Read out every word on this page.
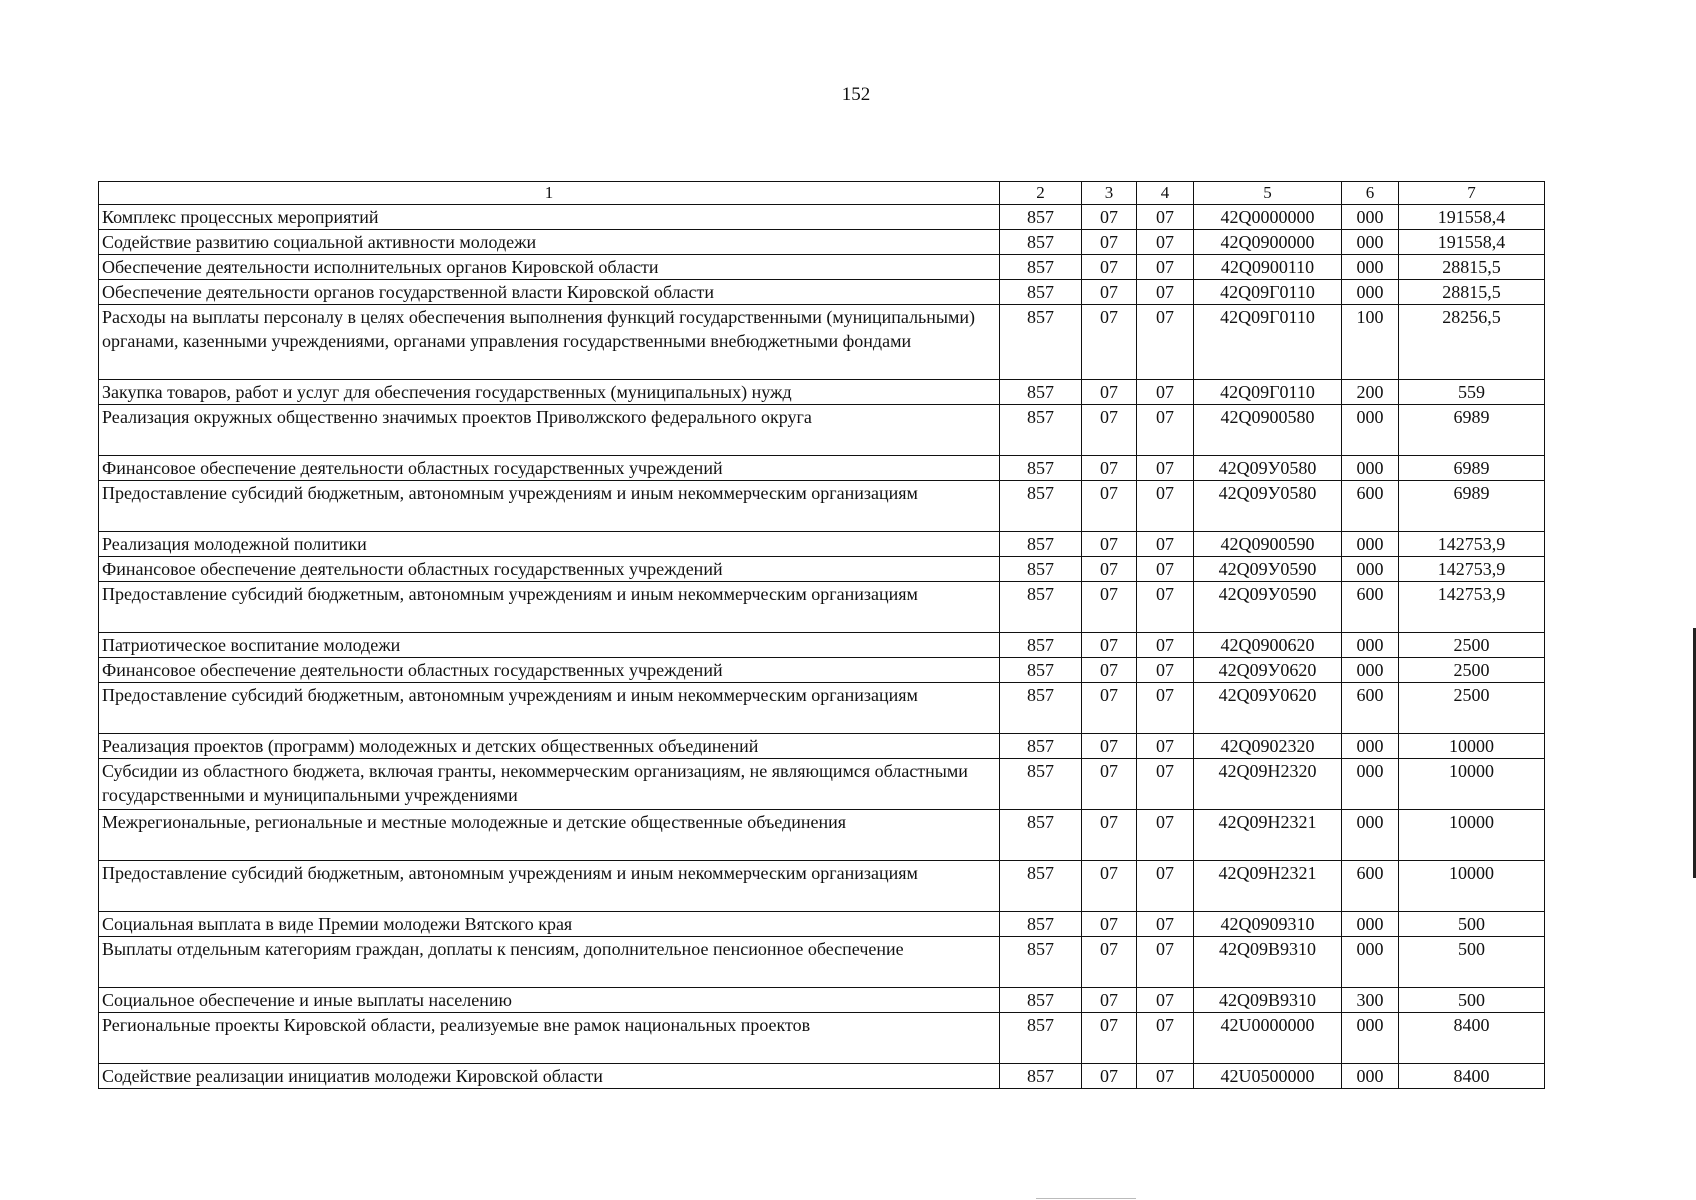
152
1	2	3	4	5	6	7
Комплекс процессных мероприятий	857	07	07	42Q0000000	000	191558,4
Содействие развитию социальной активности молодежи	857	07	07	42Q0900000	000	191558,4
Обеспечение деятельности исполнительных органов Кировской области	857	07	07	42Q0900110	000	28815,5
Обеспечение деятельности органов государственной власти Кировской области	857	07	07	42Q09Г0110	000	28815,5
Расходы на выплаты персоналу в целях обеспечения выполнения функций государственными (муниципальными) органами, казенными учреждениями, органами управления государственными внебюджетными фондами	857	07	07	42Q09Г0110	100	28256,5
Закупка товаров, работ и услуг для обеспечения государственных (муниципальных) нужд	857	07	07	42Q09Г0110	200	559
Реализация окружных общественно значимых проектов Приволжского федерального округа	857	07	07	42Q0900580	000	6989
Финансовое обеспечение деятельности областных государственных учреждений	857	07	07	42Q09У0580	000	6989
Предоставление субсидий бюджетным, автономным учреждениям и иным некоммерческим организациям	857	07	07	42Q09У0580	600	6989
Реализация молодежной политики	857	07	07	42Q0900590	000	142753,9
Финансовое обеспечение деятельности областных государственных учреждений	857	07	07	42Q09У0590	000	142753,9
Предоставление субсидий бюджетным, автономным учреждениям и иным некоммерческим организациям	857	07	07	42Q09У0590	600	142753,9
Патриотическое воспитание молодежи	857	07	07	42Q0900620	000	2500
Финансовое обеспечение деятельности областных государственных учреждений	857	07	07	42Q09У0620	000	2500
Предоставление субсидий бюджетным, автономным учреждениям и иным некоммерческим организациям	857	07	07	42Q09У0620	600	2500
Реализация проектов (программ) молодежных и детских общественных объединений	857	07	07	42Q0902320	000	10000
Субсидии из областного бюджета, включая гранты, некоммерческим организациям, не являющимся областными государственными и муниципальными учреждениями	857	07	07	42Q09Н2320	000	10000
Межрегиональные, региональные и местные молодежные и детские общественные объединения	857	07	07	42Q09Н2321	000	10000
Предоставление субсидий бюджетным, автономным учреждениям и иным некоммерческим организациям	857	07	07	42Q09Н2321	600	10000
Социальная выплата в виде Премии молодежи Вятского края	857	07	07	42Q0909310	000	500
Выплаты отдельным категориям граждан, доплаты к пенсиям, дополнительное пенсионное обеспечение	857	07	07	42Q09В9310	000	500
Социальное обеспечение и иные выплаты населению	857	07	07	42Q09В9310	300	500
Региональные проекты Кировской области, реализуемые вне рамок национальных проектов	857	07	07	42U0000000	000	8400
Содействие реализации инициатив молодежи Кировской области	857	07	07	42U0500000	000	8400
